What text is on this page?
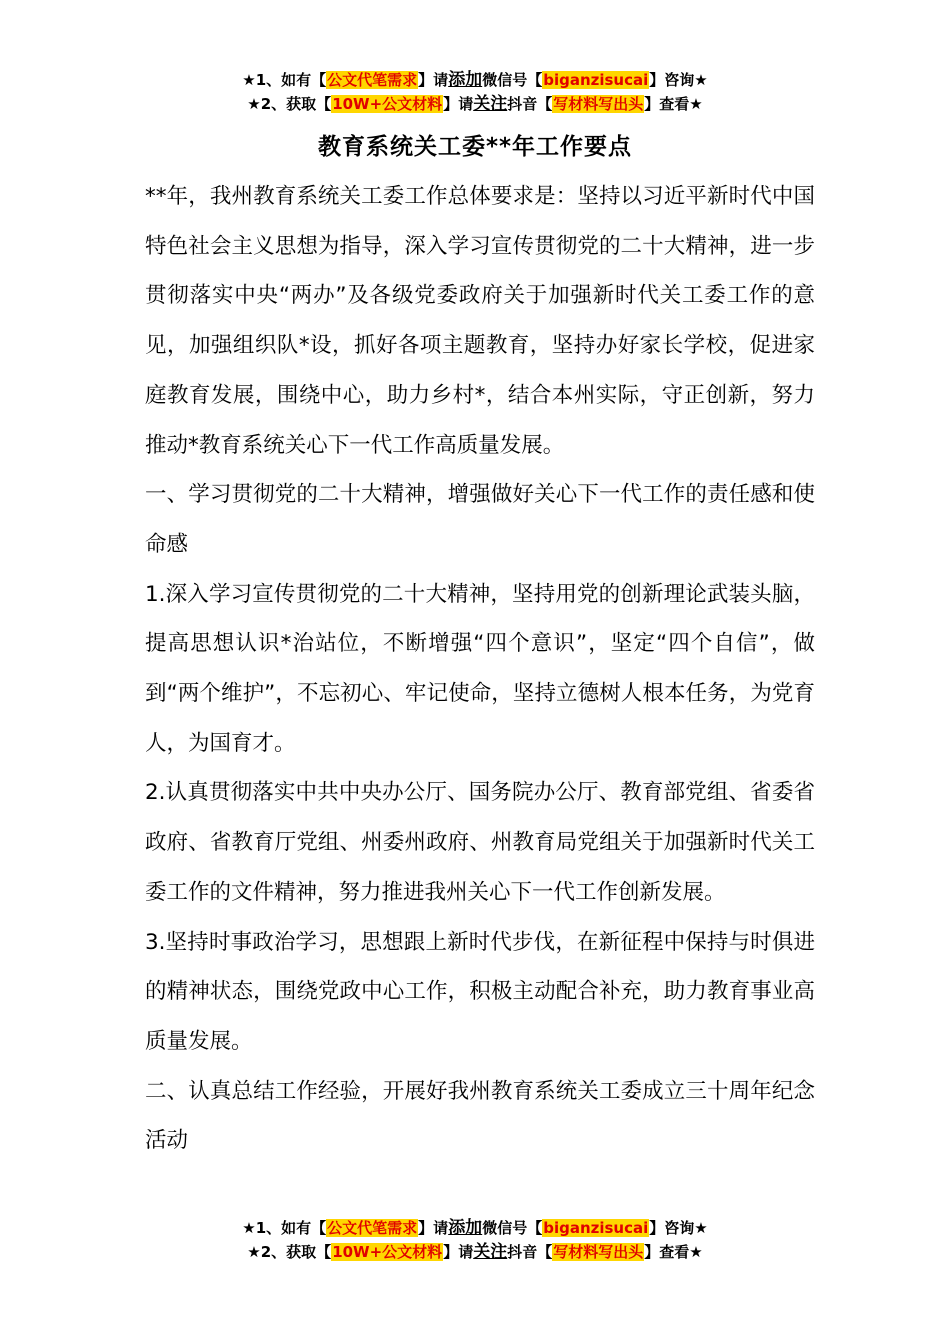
★1、如有【公文代笔需求】请添加微信号【biganzisucai】咨询★
★2、获取【10W+公文材料】请关注抖音【写材料写出头】查看★
教育系统关工委**年工作要点

**年，我州教育系统关工委工作总体要求是：坚持以习近平新时代中国特色社会主义思想为指导，深入学习宣传贯彻党的二十大精神，进一步贯彻落实中央“两办”及各级党委政府关于加强新时代关工委工作的意见，加强组织队*设，抓好各项主题教育，坚持办好家长学校，促进家庭教育发展，围绕中心，助力乡村*，结合本州实际，守正创新，努力推动*教育系统关心下一代工作高质量发展。

一、学习贯彻党的二十大精神，增强做好关心下一代工作的责任感和使命感

1.深入学习宣传贯彻党的二十大精神，坚持用党的创新理论武装头脑，提高思想认识*治站位，不断增强“四个意识”，坚定“四个自信”，做到“两个维护”，不忘初心、牢记使命，坚持立德树人根本任务，为党育人，为国育才。

2.认真贯彻落实中共中央办公厅、国务院办公厅、教育部党组、省委省政府、省教育厅党组、州委州政府、州教育局党组关于加强新时代关工委工作的文件精神，努力推进我州关心下一代工作创新发展。

3.坚持时事政治学习，思想跟上新时代步伐，在新征程中保持与时俱进的精神状态，围绕党政中心工作，积极主动配合补充，助力教育事业高质量发展。

二、认真总结工作经验，开展好我州教育系统关工委成立三十周年纪念活动

★1、如有【公文代笔需求】请添加微信号【biganzisucai】咨询★
★2、获取【10W+公文材料】请关注抖音【写材料写出头】查看★
